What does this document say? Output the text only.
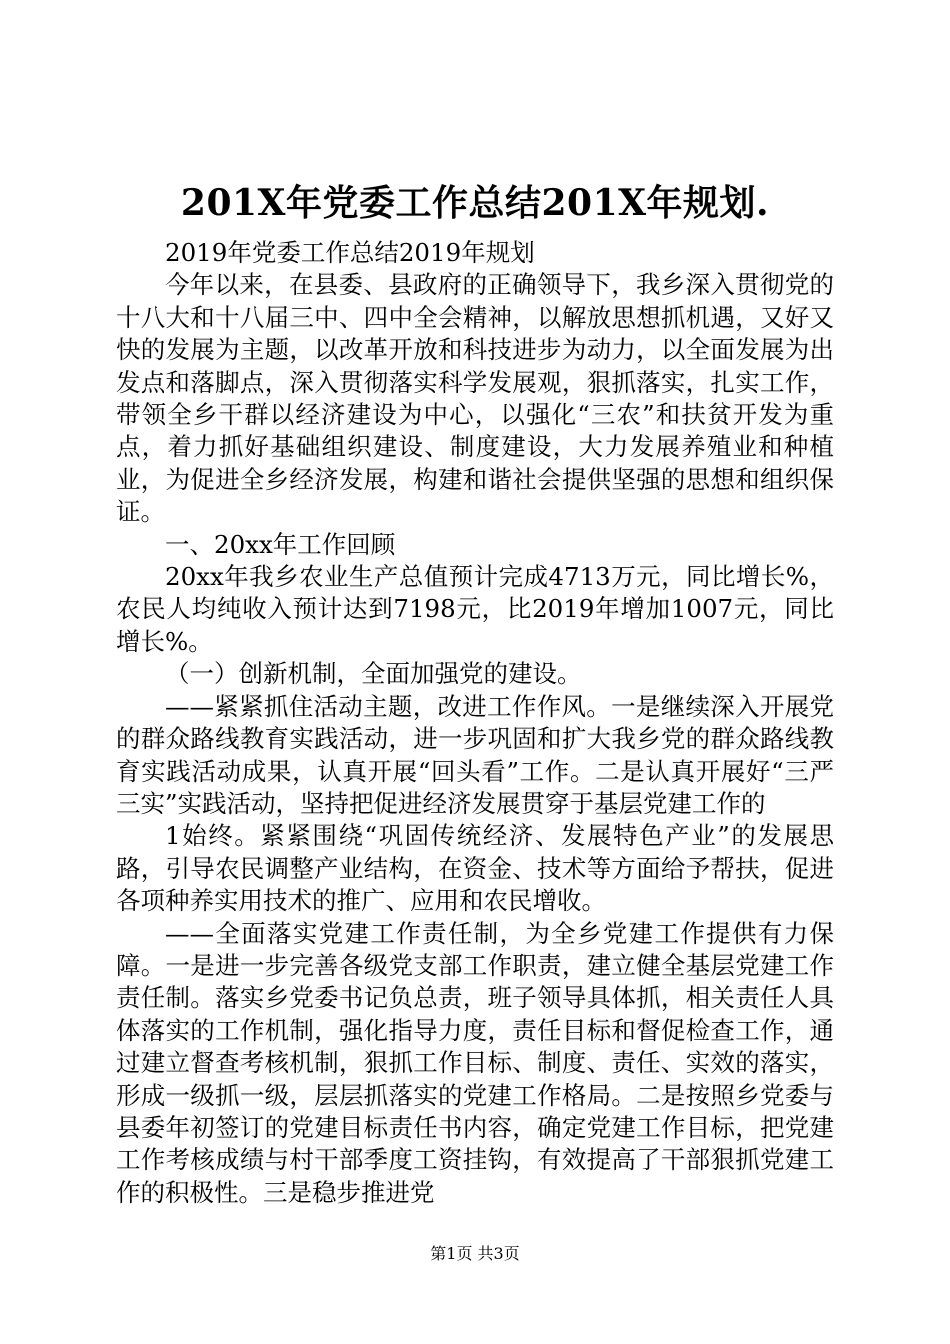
201X年党委工作总结201X年规划.

2019年党委工作总结2019年规划

今年以来，在县委、县政府的正确领导下，我乡深入贯彻党的十八大和十八届三中、四中全会精神，以解放思想抓机遇，又好又快的发展为主题，以改革开放和科技进步为动力，以全面发展为出发点和落脚点，深入贯彻落实科学发展观，狠抓落实，扎实工作，带领全乡干群以经济建设为中心，以强化“三农”和扶贫开发为重点，着力抓好基础组织建设、制度建设，大力发展养殖业和种植业，为促进全乡经济发展，构建和谐社会提供坚强的思想和组织保证。

一、20xx年工作回顾

20xx年我乡农业生产总值预计完成4713万元，同比增长%，农民人均纯收入预计达到7198元，比2019年增加1007元，同比增长%。

（一）创新机制，全面加强党的建设。

——紧紧抓住活动主题，改进工作作风。一是继续深入开展党的群众路线教育实践活动，进一步巩固和扩大我乡党的群众路线教育实践活动成果，认真开展“回头看”工作。二是认真开展好“三严三实”实践活动，坚持把促进经济发展贯穿于基层党建工作的

1始终。紧紧围绕“巩固传统经济、发展特色产业”的发展思路，引导农民调整产业结构，在资金、技术等方面给予帮扶，促进各项种养实用技术的推广、应用和农民增收。

——全面落实党建工作责任制，为全乡党建工作提供有力保障。一是进一步完善各级党支部工作职责，建立健全基层党建工作责任制。落实乡党委书记负总责，班子领导具体抓，相关责任人具体落实的工作机制，强化指导力度，责任目标和督促检查工作，通过建立督查考核机制，狠抓工作目标、制度、责任、实效的落实，形成一级抓一级，层层抓落实的党建工作格局。二是按照乡党委与县委年初签订的党建目标责任书内容，确定党建工作目标，把党建工作考核成绩与村干部季度工资挂钩，有效提高了干部狠抓党建工作的积极性。三是稳步推进党

第1页 共3页
